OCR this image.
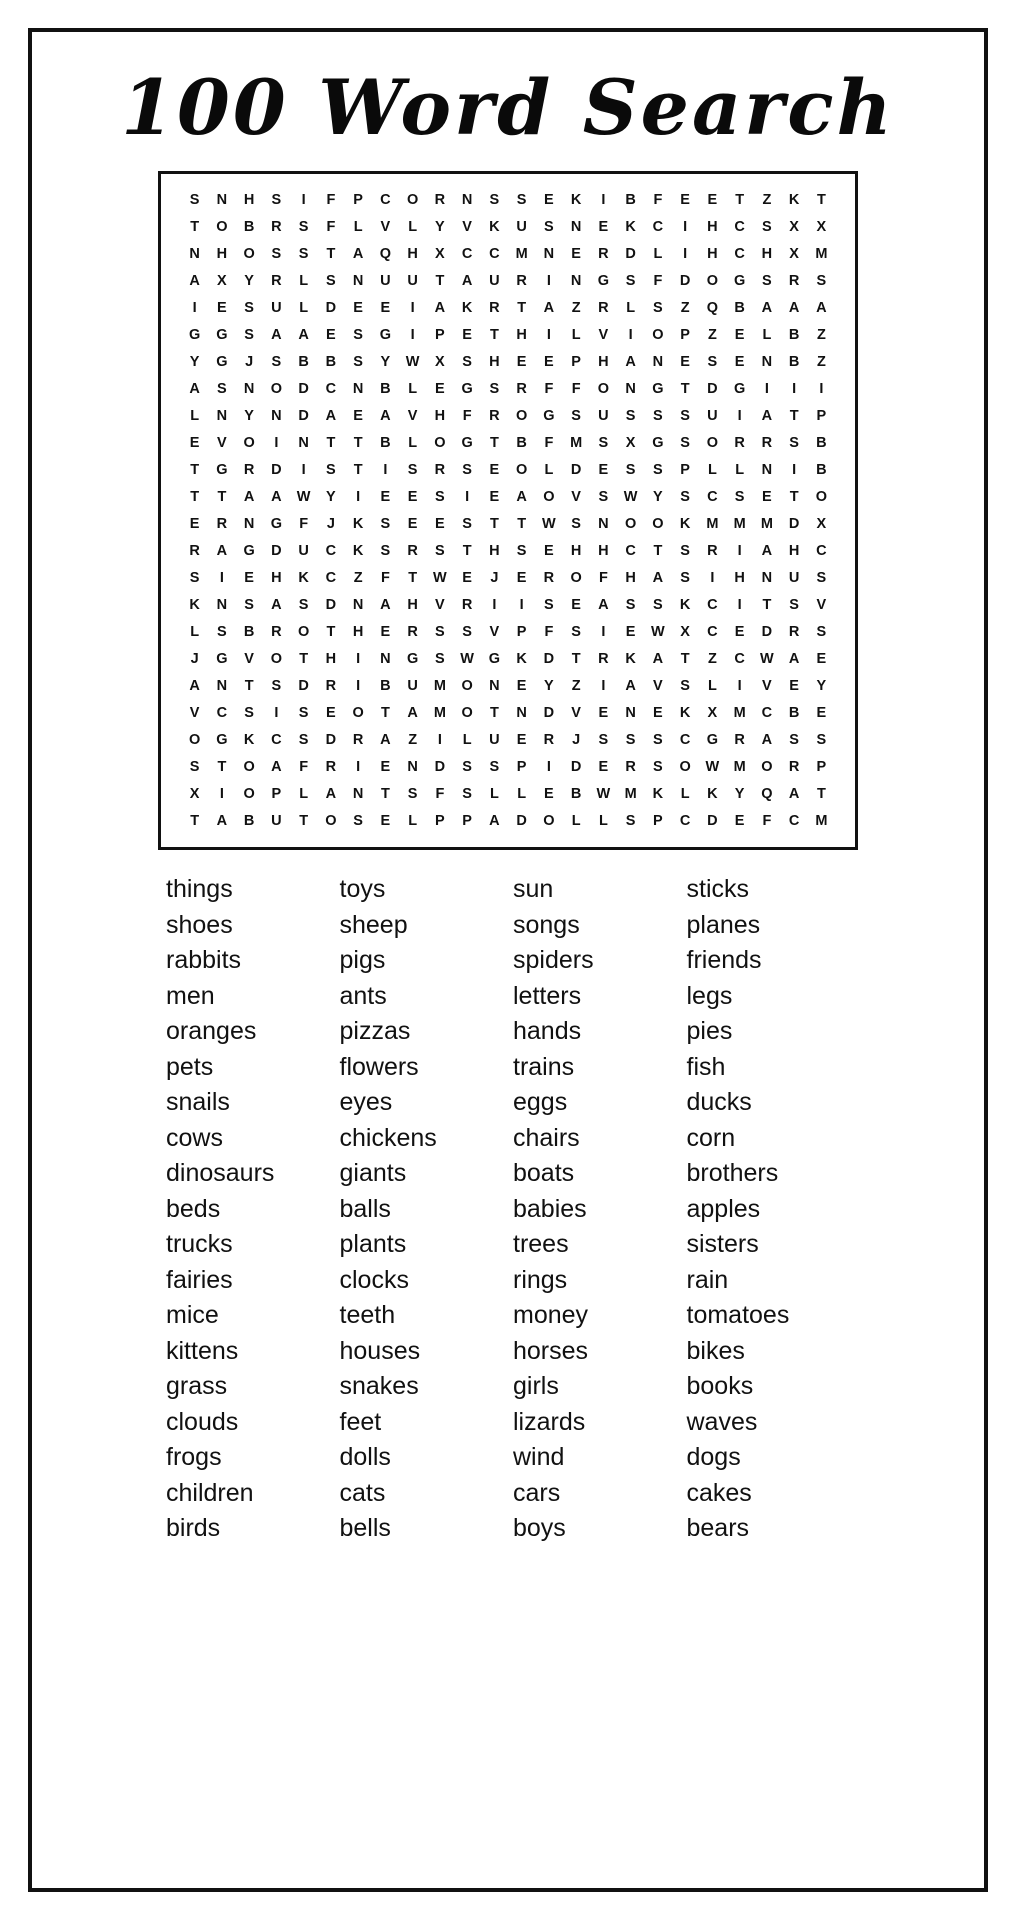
100 Word Search
S	N	H	S	I	F	P	C	O	R	N	S	S	E	K	I	B	F	E	E	T	Z	K	T
T	O	B	R	S	F	L	V	L	Y	V	K	U	S	N	E	K	C	I	H	C	S	X	X
N	H	O	S	S	T	A	Q	H	X	C	C	M	N	E	R	D	L	I	H	C	H	X	M
A	X	Y	R	L	S	N	U	U	T	A	U	R	I	N	G	S	F	D	O	G	S	R	S
I	E	S	U	L	D	E	E	I	A	K	R	T	A	Z	R	L	S	Z	Q	B	A	A	A
G	G	S	A	A	E	S	G	I	P	E	T	H	I	L	V	I	O	P	Z	E	L	B	Z
Y	G	J	S	B	B	S	Y	W	X	S	H	E	E	P	H	A	N	E	S	E	N	B	Z
A	S	N	O	D	C	N	B	L	E	G	S	R	F	F	O	N	G	T	D	G	I	I	I
L	N	Y	N	D	A	E	A	V	H	F	R	O	G	S	U	S	S	S	U	I	A	T	P
E	V	O	I	N	T	T	B	L	O	G	T	B	F	M	S	X	G	S	O	R	R	S	B
T	G	R	D	I	S	T	I	S	R	S	E	O	L	D	E	S	S	P	L	L	N	I	B
T	T	A	A	W	Y	I	E	E	S	I	E	A	O	V	S	W	Y	S	C	S	E	T	O
E	R	N	G	F	J	K	S	E	E	S	T	T	W	S	N	O	O	K	M	M	M	D	X
R	A	G	D	U	C	K	S	R	S	T	H	S	E	H	H	C	T	S	R	I	A	H	C
S	I	E	H	K	C	Z	F	T	W	E	J	E	R	O	F	H	A	S	I	H	N	U	S
K	N	S	A	S	D	N	A	H	V	R	I	I	S	E	A	S	S	K	C	I	T	S	V
L	S	B	R	O	T	H	E	R	S	S	V	P	F	S	I	E	W	X	C	E	D	R	S
J	G	V	O	T	H	I	N	G	S	W	G	K	D	T	R	K	A	T	Z	C	W	A	E
A	N	T	S	D	R	I	B	U	M	O	N	E	Y	Z	I	A	V	S	L	I	V	E	Y
V	C	S	I	S	E	O	T	A	M	O	T	N	D	V	E	N	E	K	X	M	C	B	E
O	G	K	C	S	D	R	A	Z	I	L	U	E	R	J	S	S	S	C	G	R	A	S	S
S	T	O	A	F	R	I	E	N	D	S	S	P	I	D	E	R	S	O	W M	O	R	P
X	I	O	P	L	A	N	T	S	F	S	L	L	E	B	W M	K	L	K	Y	Q	A	T
T	A	B	U	T	O	S	E	L	P	P	A	D	O	L	L	S	P	C	D	E	F	C	M
things
shoes
rabbits
men
oranges
pets
snails
cows
dinosaurs
beds
trucks
fairies
mice
kittens
grass
clouds
frogs
children
birds
toys
sheep
pigs
ants
pizzas
flowers
eyes
chickens
giants
balls
plants
clocks
teeth
houses
snakes
feet
dolls
cats
bells
sun
songs
spiders
letters
hands
trains
eggs
chairs
boats
babies
trees
rings
money
horses
girls
lizards
wind
cars
boys
sticks
planes
friends
legs
pies
fish
ducks
corn
brothers
apples
sisters
rain
tomatoes
bikes
books
waves
dogs
cakes
bears
